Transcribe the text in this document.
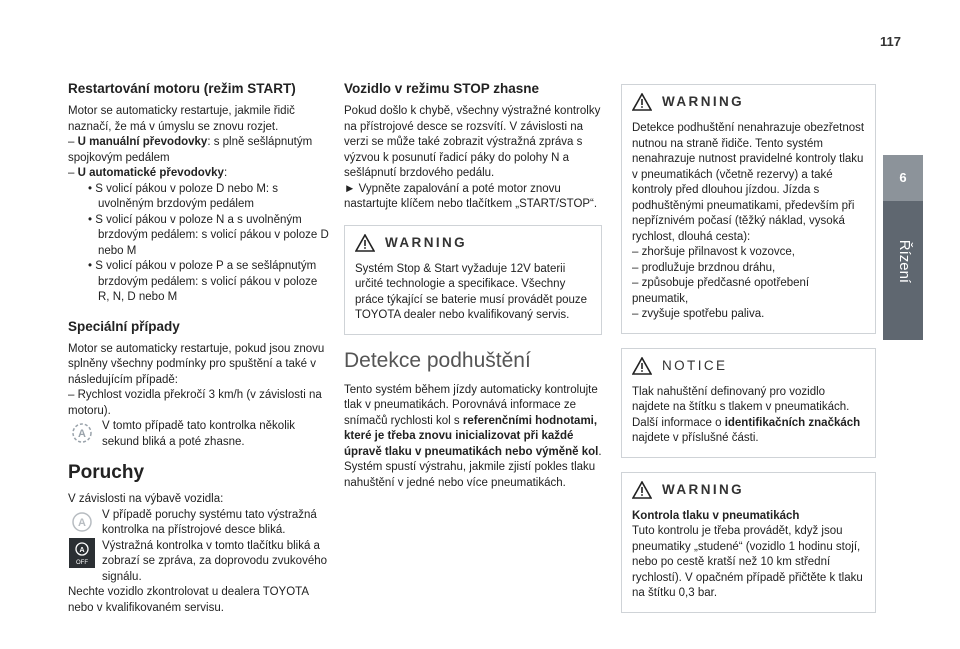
117
6
Řízení
Restartování motoru (režim START)

Motor se automaticky restartuje, jakmile řidič naznačí, že má v úmyslu se znovu rozjet.

– U manuální převodovky: s plně sešlápnutým spojkovým pedálem

– U automatické převodovky:

• S volicí pákou v poloze D nebo M: s uvolněným brzdovým pedálem

• S volicí pákou v poloze N a s uvolněným brzdovým pedálem: s volicí pákou v poloze D nebo M

• S volicí pákou v poloze P a se sešlápnutým brzdovým pedálem: s volicí pákou v poloze R, N, D nebo M

Speciální případy

Motor se automaticky restartuje, pokud jsou znovu splněny všechny podmínky pro spuštění a také v následujícím případě:

– Rychlost vozidla překročí 3 km/h (v závislosti na motoru).

A

V tomto případě tato kontrolka několik sekund bliká a poté zhasne.

Poruchy

V závislosti na výbavě vozidla:

A

V případě poruchy systému tato výstražná kontrolka na přístrojové desce bliká.

A
OFF

Výstražná kontrolka v tomto tlačítku bliká a zobrazí se zpráva, za doprovodu zvukového signálu.

Nechte vozidlo zkontrolovat u dealera TOYOTA nebo v kvalifikovaném servisu.

Vozidlo v režimu STOP zhasne

Pokud došlo k chybě, všechny výstražné kontrolky na přístrojové desce se rozsvítí. V závislosti na verzi se může také zobrazit výstražná zpráva s výzvou k posunutí řadicí páky do polohy N a sešlápnutí brzdového pedálu.

► Vypněte zapalování a poté motor znovu nastartujte klíčem nebo tlačítkem „START/STOP“.

WARNING

Systém Stop & Start vyžaduje 12V baterii určité technologie a specifikace. Všechny práce týkající se baterie musí provádět pouze TOYOTA dealer nebo kvalifikovaný servis.

Detekce podhuštění

Tento systém během jízdy automaticky kontrolujte tlak v pneumatikách. Porovnává informace ze snímačů rychlosti kol s referenčními hodnotami, které je třeba znovu inicializovat při každé úpravě tlaku v pneumatikách nebo výměně kol. Systém spustí výstrahu, jakmile zjistí pokles tlaku nahuštění v jedné nebo více pneumatikách.

WARNING

Detekce podhuštění nenahrazuje obezřetnost nutnou na straně řidiče. Tento systém nenahrazuje nutnost pravidelné kontroly tlaku v pneumatikách (včetně rezervy) a také kontroly před dlouhou jízdou. Jízda s podhuštěnými pneumatikami, především při nepříznivém počasí (těžký náklad, vysoká rychlost, dlouhá cesta):

– zhoršuje přilnavost k vozovce,

– prodlužuje brzdnou dráhu,

– způsobuje předčasné opotřebení pneumatik,

– zvyšuje spotřebu paliva.

NOTICE

Tlak nahuštění definovaný pro vozidlo najdete na štítku s tlakem v pneumatikách. Další informace o identifikačních značkách najdete v příslušné části.

WARNING

Kontrola tlaku v pneumatikách

Tuto kontrolu je třeba provádět, když jsou pneumatiky „studené“ (vozidlo 1 hodinu stojí, nebo po cestě kratší než 10 km střední rychlostí). V opačném případě přičtěte k tlaku na štítku 0,3 bar.
